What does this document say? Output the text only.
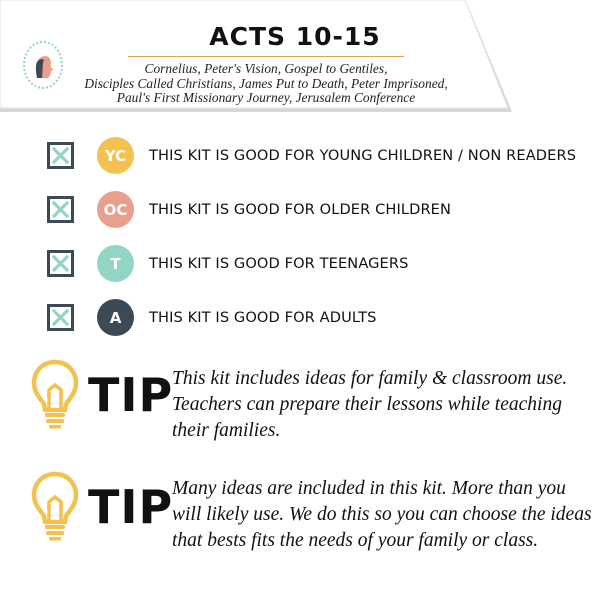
ACTS 10-15
Cornelius, Peter's Vision, Gospel to Gentiles,
Disciples Called Christians, James Put to Death, Peter Imprisoned,
Paul's First Missionary Journey, Jerusalem Conference
YC	THIS KIT IS GOOD FOR YOUNG CHILDREN / NON READERS
OC	THIS KIT IS GOOD FOR OLDER CHILDREN
T	THIS KIT IS GOOD FOR TEENAGERS
A	THIS KIT IS GOOD FOR ADULTS
TIP
This kit includes ideas for family & classroom use. Teachers can prepare their lessons while teaching their families.
TIP
Many ideas are included in this kit. More than you will likely use. We do this so you can choose the ideas that bests fits the needs of your family or class.
